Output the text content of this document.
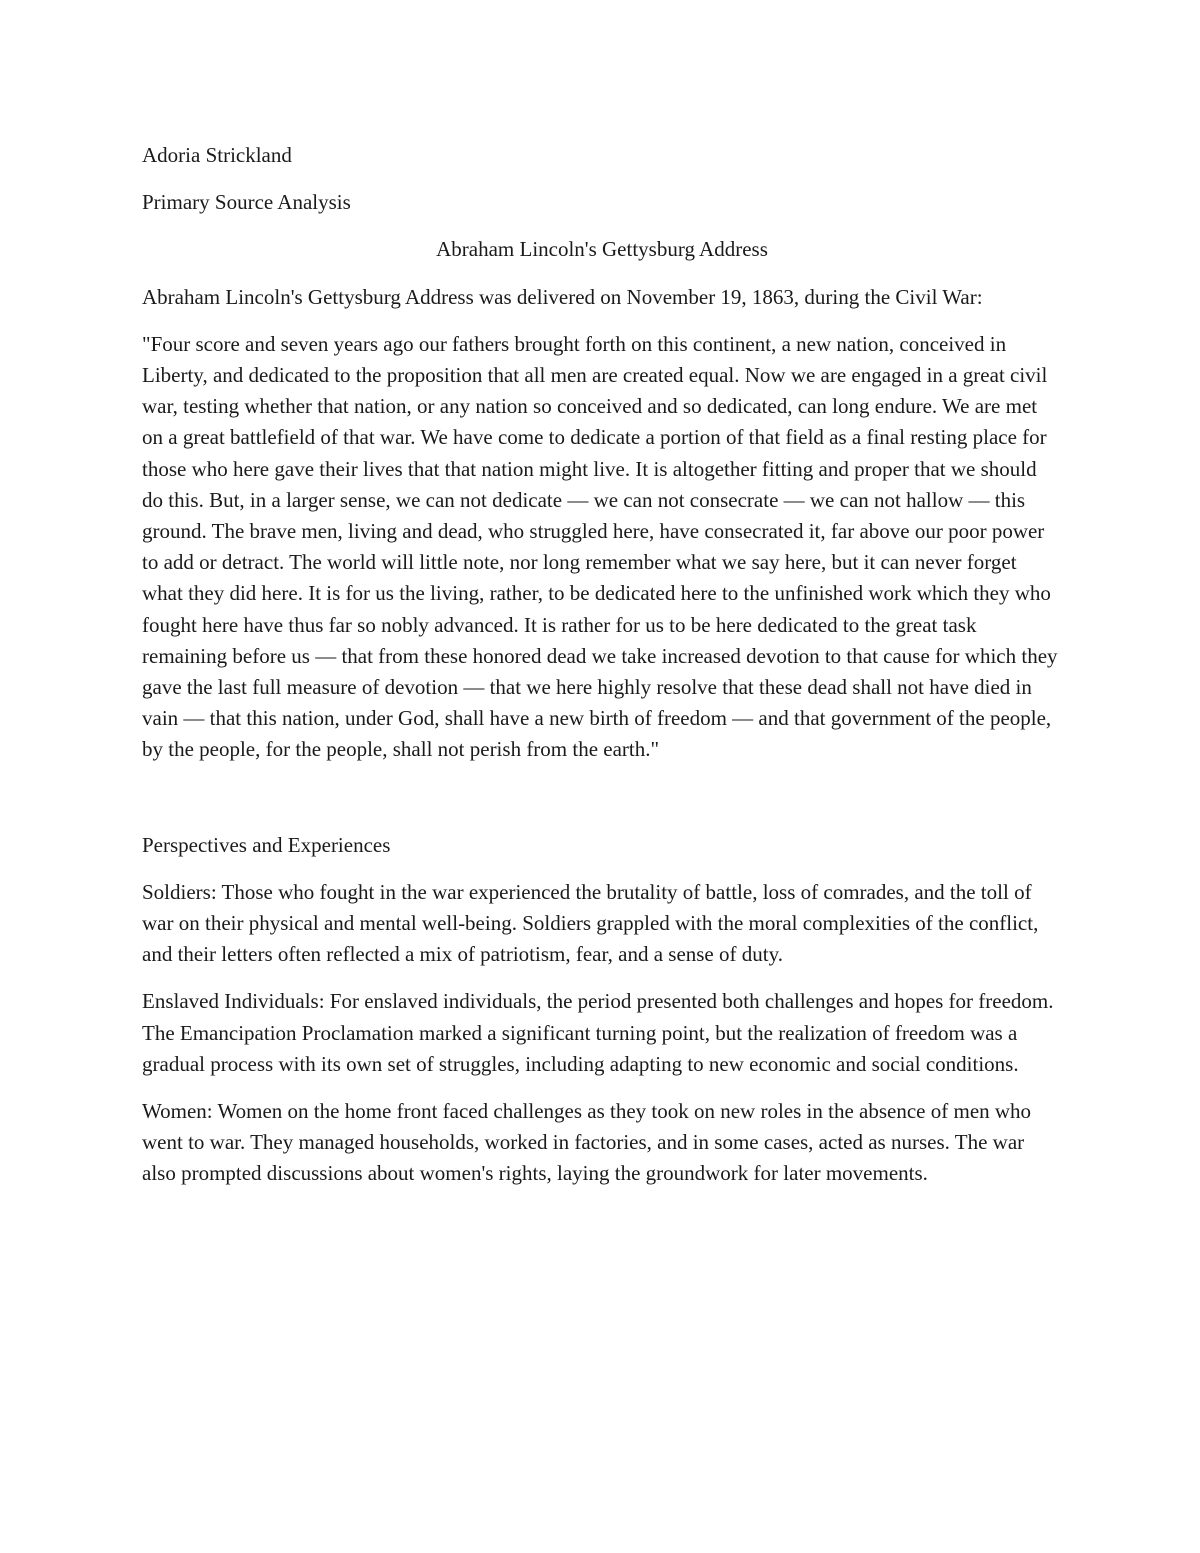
Adoria Strickland

Primary Source Analysis

Abraham Lincoln's Gettysburg Address

Abraham Lincoln's Gettysburg Address was delivered on November 19, 1863, during the Civil War:

"Four score and seven years ago our fathers brought forth on this continent, a new nation, conceived in Liberty, and dedicated to the proposition that all men are created equal. Now we are engaged in a great civil war, testing whether that nation, or any nation so conceived and so dedicated, can long endure. We are met on a great battlefield of that war. We have come to dedicate a portion of that field as a final resting place for those who here gave their lives that that nation might live. It is altogether fitting and proper that we should do this. But, in a larger sense, we can not dedicate — we can not consecrate — we can not hallow — this ground. The brave men, living and dead, who struggled here, have consecrated it, far above our poor power to add or detract. The world will little note, nor long remember what we say here, but it can never forget what they did here. It is for us the living, rather, to be dedicated here to the unfinished work which they who fought here have thus far so nobly advanced. It is rather for us to be here dedicated to the great task remaining before us — that from these honored dead we take increased devotion to that cause for which they gave the last full measure of devotion — that we here highly resolve that these dead shall not have died in vain — that this nation, under God, shall have a new birth of freedom — and that government of the people, by the people, for the people, shall not perish from the earth."

Perspectives and Experiences

Soldiers: Those who fought in the war experienced the brutality of battle, loss of comrades, and the toll of war on their physical and mental well-being. Soldiers grappled with the moral complexities of the conflict, and their letters often reflected a mix of patriotism, fear, and a sense of duty.

Enslaved Individuals: For enslaved individuals, the period presented both challenges and hopes for freedom. The Emancipation Proclamation marked a significant turning point, but the realization of freedom was a gradual process with its own set of struggles, including adapting to new economic and social conditions.

Women: Women on the home front faced challenges as they took on new roles in the absence of men who went to war. They managed households, worked in factories, and in some cases, acted as nurses. The war also prompted discussions about women's rights, laying the groundwork for later movements.
